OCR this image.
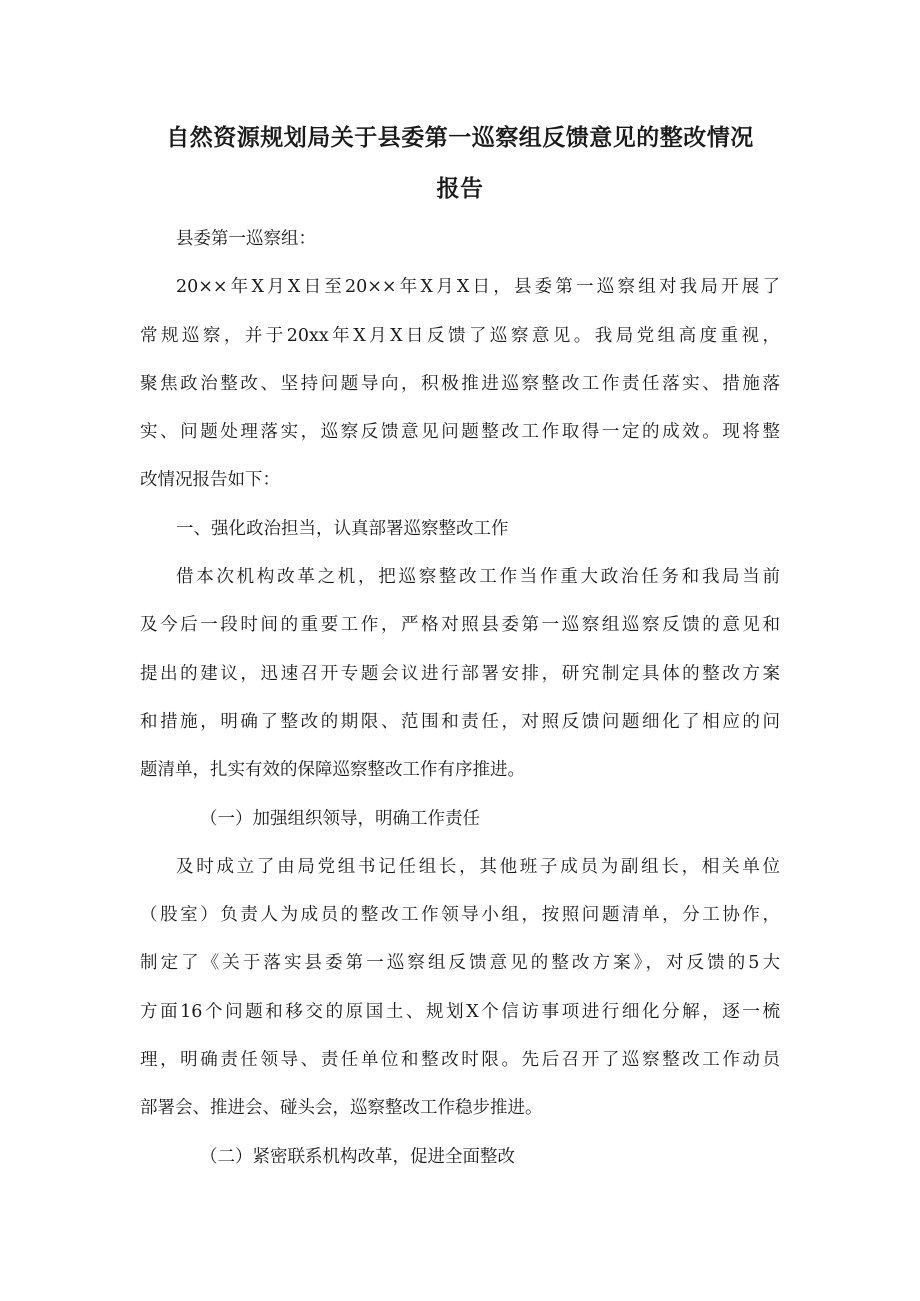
自然资源规划局关于县委第一巡察组反馈意见的整改情况
报告
县委第一巡察组：
20××年X月X日至20××年X月X日，县委第一巡察组对我局开展了
常规巡察，并于20xx年X月X日反馈了巡察意见。我局党组高度重视，
聚焦政治整改、坚持问题导向，积极推进巡察整改工作责任落实、措施落
实、问题处理落实，巡察反馈意见问题整改工作取得一定的成效。现将整
改情况报告如下：
一、强化政治担当，认真部署巡察整改工作
借本次机构改革之机，把巡察整改工作当作重大政治任务和我局当前
及今后一段时间的重要工作，严格对照县委第一巡察组巡察反馈的意见和
提出的建议，迅速召开专题会议进行部署安排，研究制定具体的整改方案
和措施，明确了整改的期限、范围和责任，对照反馈问题细化了相应的问
题清单，扎实有效的保障巡察整改工作有序推进。
（一）加强组织领导，明确工作责任
及时成立了由局党组书记任组长，其他班子成员为副组长，相关单位
（股室）负责人为成员的整改工作领导小组，按照问题清单，分工协作，
制定了《关于落实县委第一巡察组反馈意见的整改方案》，对反馈的5大
方面16个问题和移交的原国土、规划X个信访事项进行细化分解，逐一梳
理，明确责任领导、责任单位和整改时限。先后召开了巡察整改工作动员
部署会、推进会、碰头会，巡察整改工作稳步推进。
（二）紧密联系机构改革，促进全面整改
